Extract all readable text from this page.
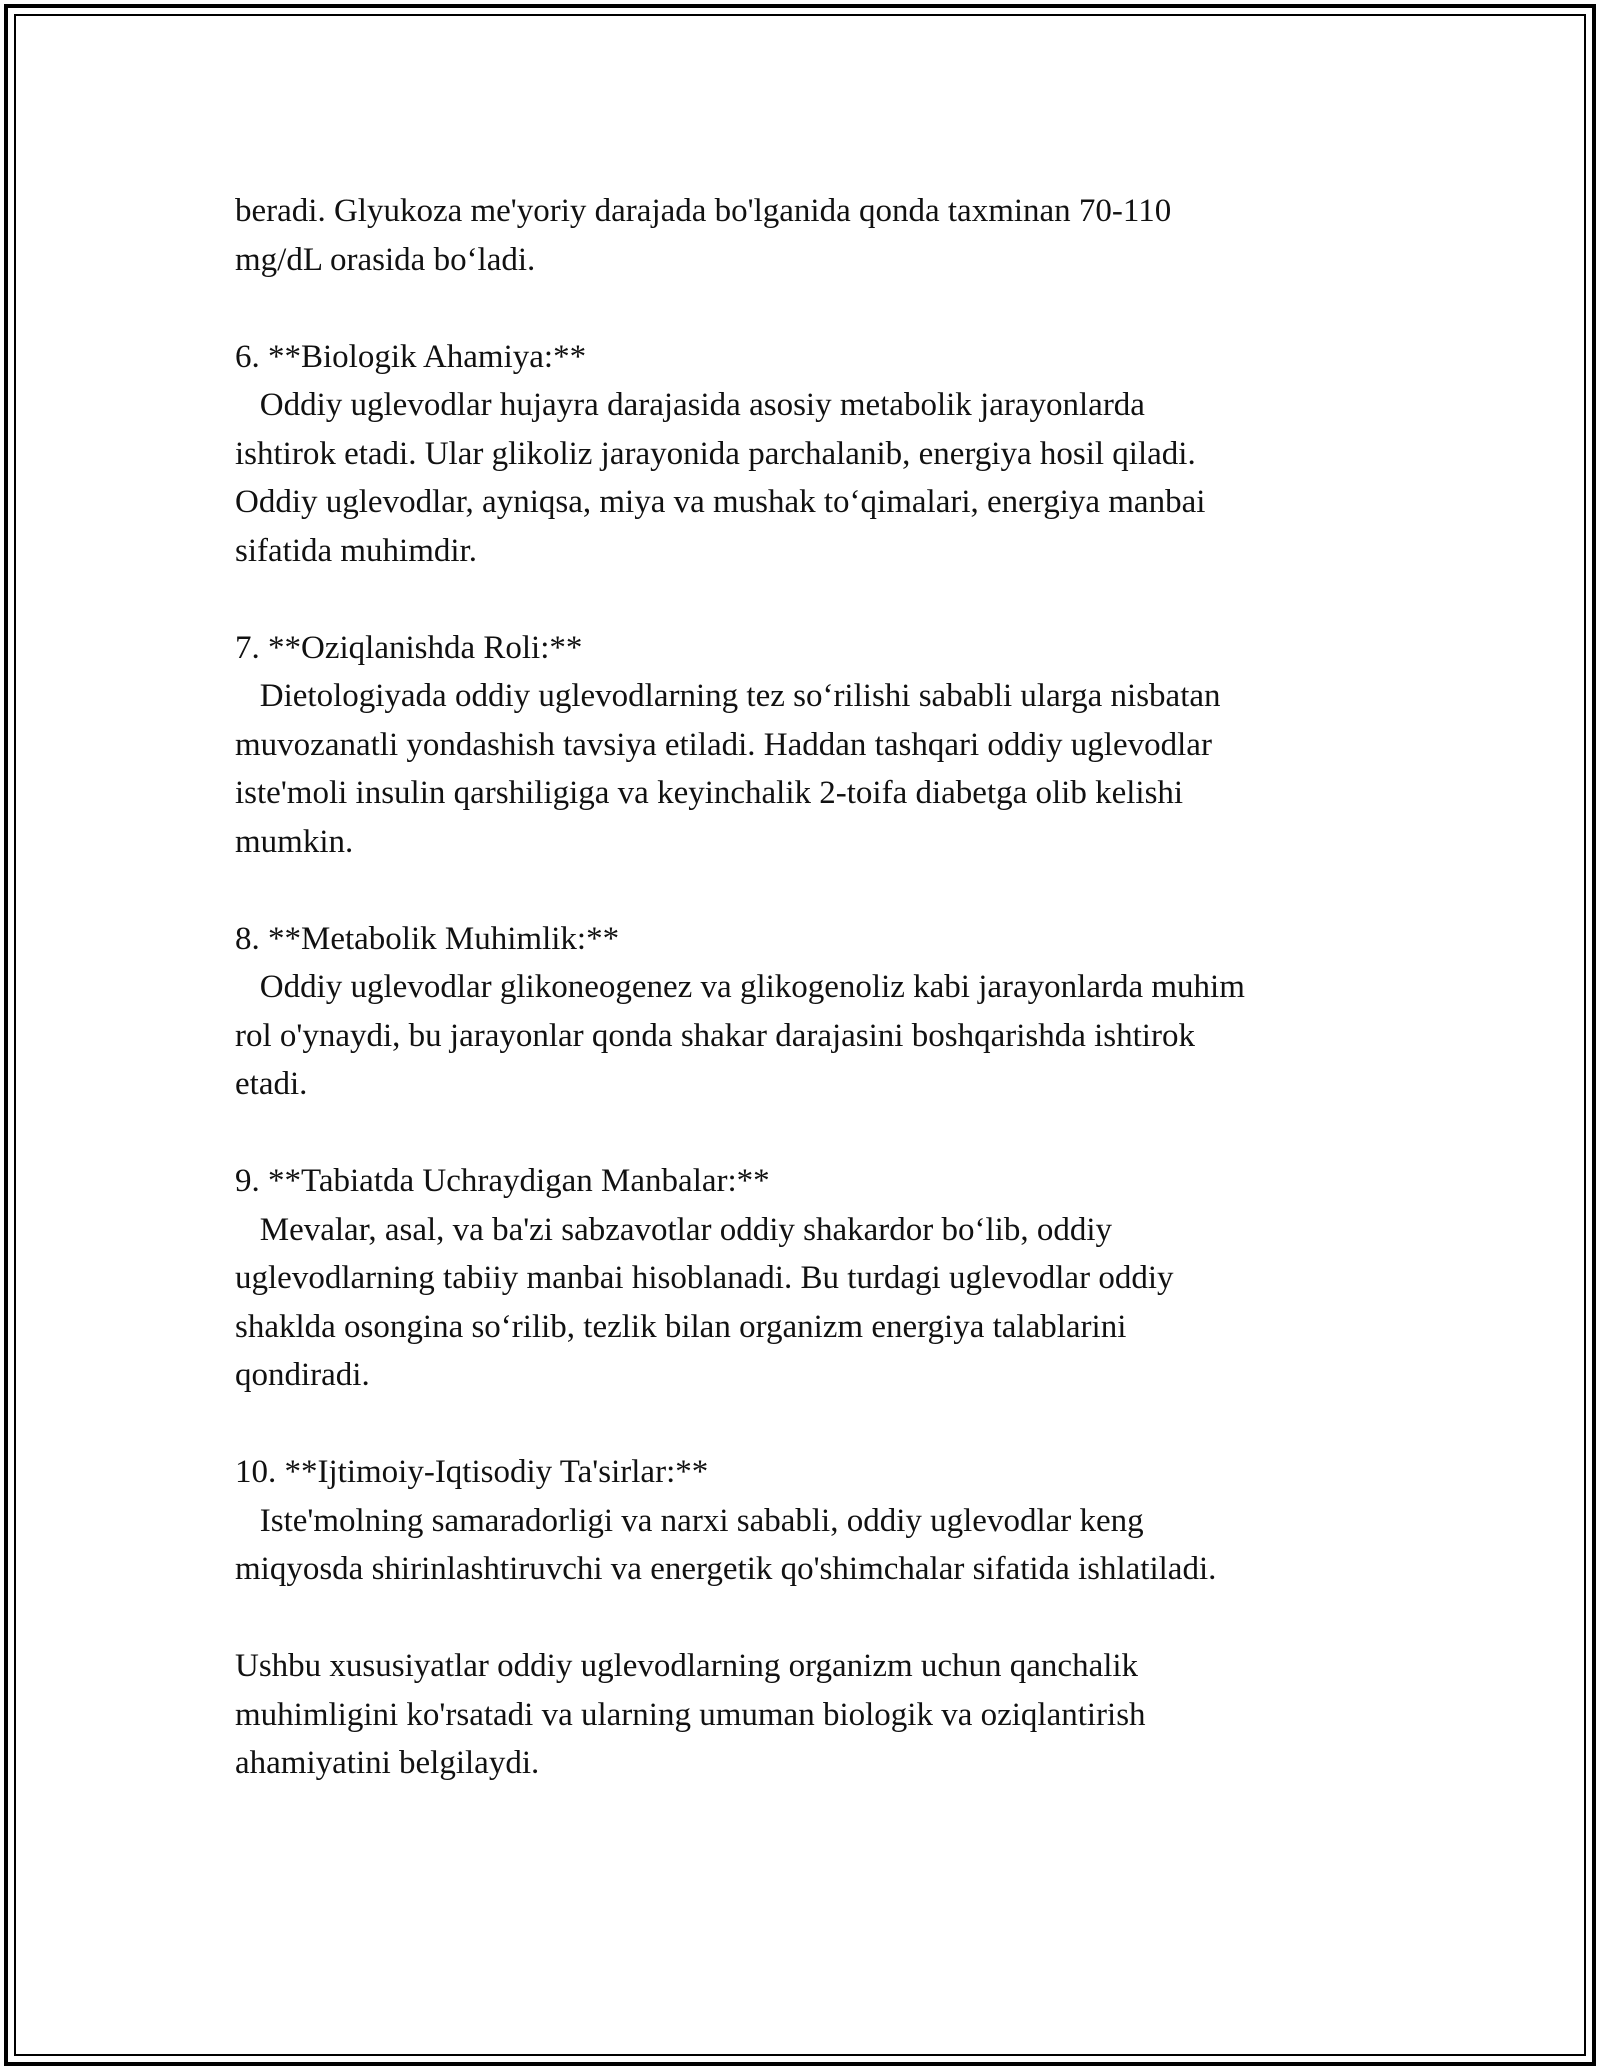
beradi. Glyukoza me'yoriy darajada bo'lganida qonda taxminan 70-110
mg/dL orasida bo‘ladi.
6. **Biologik Ahamiya:**
Oddiy uglevodlar hujayra darajasida asosiy metabolik jarayonlarda
ishtirok etadi. Ular glikoliz jarayonida parchalanib, energiya hosil qiladi.
Oddiy uglevodlar, ayniqsa, miya va mushak to‘qimalari, energiya manbai
sifatida muhimdir.
7. **Oziqlanishda Roli:**
Dietologiyada oddiy uglevodlarning tez so‘rilishi sababli ularga nisbatan
muvozanatli yondashish tavsiya etiladi. Haddan tashqari oddiy uglevodlar
iste'moli insulin qarshiligiga va keyinchalik 2-toifa diabetga olib kelishi
mumkin.
8. **Metabolik Muhimlik:**
Oddiy uglevodlar glikoneogenez va glikogenoliz kabi jarayonlarda muhim
rol o'ynaydi, bu jarayonlar qonda shakar darajasini boshqarishda ishtirok
etadi.
9. **Tabiatda Uchraydigan Manbalar:**
Mevalar, asal, va ba'zi sabzavotlar oddiy shakardor bo‘lib, oddiy
uglevodlarning tabiiy manbai hisoblanadi. Bu turdagi uglevodlar oddiy
shaklda osongina so‘rilib, tezlik bilan organizm energiya talablarini
qondiradi.
10. **Ijtimoiy-Iqtisodiy Ta'sirlar:**
Iste'molning samaradorligi va narxi sababli, oddiy uglevodlar keng
miqyosda shirinlashtiruvchi va energetik qo'shimchalar sifatida ishlatiladi.
Ushbu xususiyatlar oddiy uglevodlarning organizm uchun qanchalik
muhimligini ko'rsatadi va ularning umuman biologik va oziqlantirish
ahamiyatini belgilaydi.
